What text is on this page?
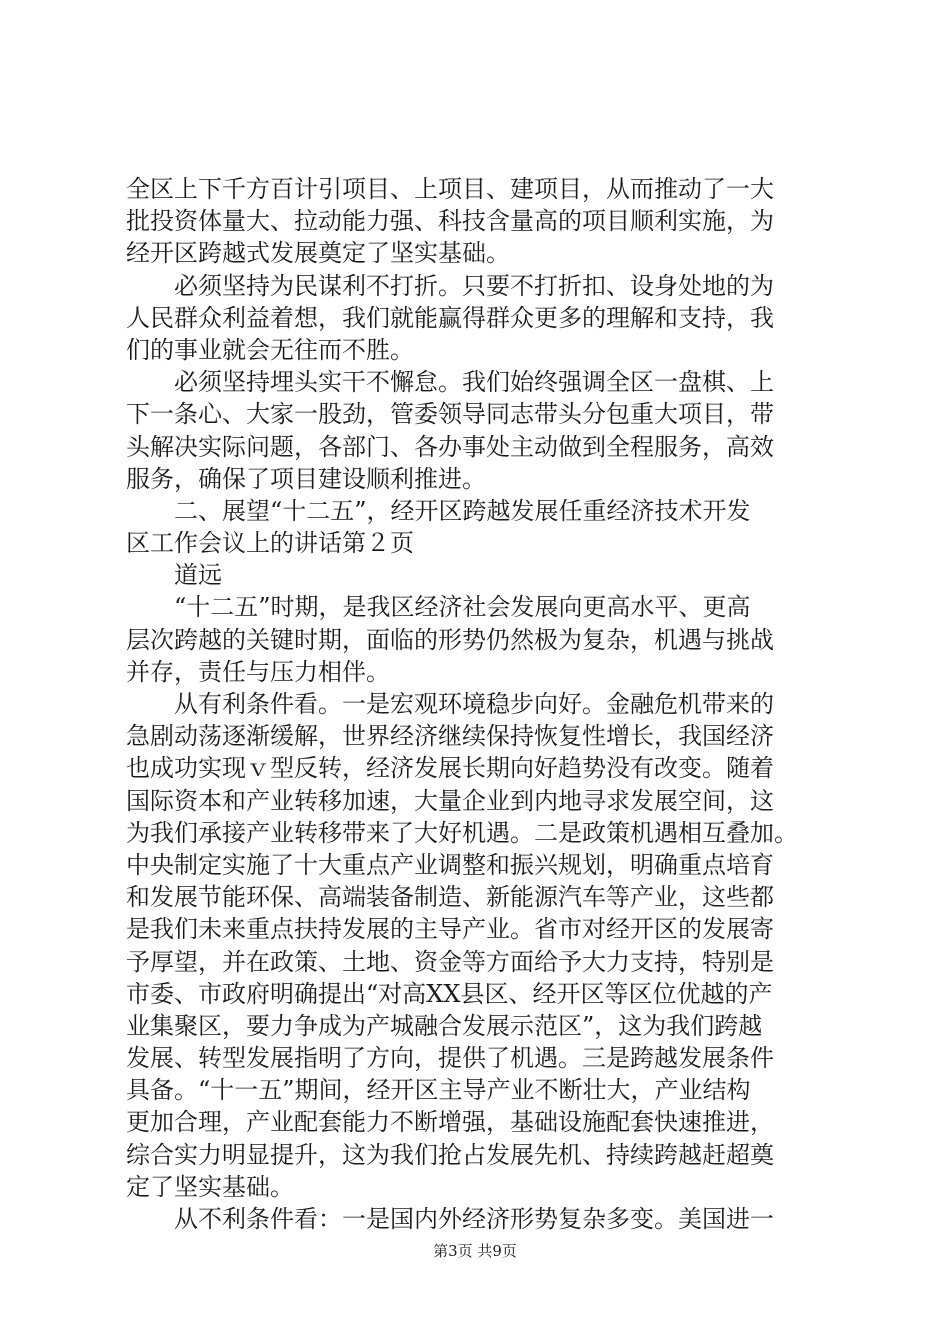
全区上下千方百计引项目、上项目、建项目，从而推动了一大
批投资体量大、拉动能力强、科技含量高的项目顺利实施，为
经开区跨越式发展奠定了坚实基础。
必须坚持为民谋利不打折。只要不打折扣、设身处地的为
人民群众利益着想，我们就能赢得群众更多的理解和支持，我
们的事业就会无往而不胜。
必须坚持埋头实干不懈怠。我们始终强调全区一盘棋、上
下一条心、大家一股劲，管委领导同志带头分包重大项目，带
头解决实际问题，各部门、各办事处主动做到全程服务，高效
服务，确保了项目建设顺利推进。
二、展望“十二五”，经开区跨越发展任重经济技术开发
区工作会议上的讲话第２页
道远
“十二五”时期，是我区经济社会发展向更高水平、更高
层次跨越的关键时期，面临的形势仍然极为复杂，机遇与挑战
并存，责任与压力相伴。
从有利条件看。一是宏观环境稳步向好。金融危机带来的
急剧动荡逐渐缓解，世界经济继续保持恢复性增长，我国经济
也成功实现ｖ型反转，经济发展长期向好趋势没有改变。随着
国际资本和产业转移加速，大量企业到内地寻求发展空间，这
为我们承接产业转移带来了大好机遇。二是政策机遇相互叠加。
中央制定实施了十大重点产业调整和振兴规划，明确重点培育
和发展节能环保、高端装备制造、新能源汽车等产业，这些都
是我们未来重点扶持发展的主导产业。省市对经开区的发展寄
予厚望，并在政策、土地、资金等方面给予大力支持，特别是
市委、市政府明确提出“对高XX县区、经开区等区位优越的产
业集聚区，要力争成为产城融合发展示范区”，这为我们跨越
发展、转型发展指明了方向，提供了机遇。三是跨越发展条件
具备。“十一五”期间，经开区主导产业不断壮大，产业结构
更加合理，产业配套能力不断增强，基础设施配套快速推进，
综合实力明显提升，这为我们抢占发展先机、持续跨越赶超奠
定了坚实基础。
从不利条件看：一是国内外经济形势复杂多变。美国进一
第3页 共9页
